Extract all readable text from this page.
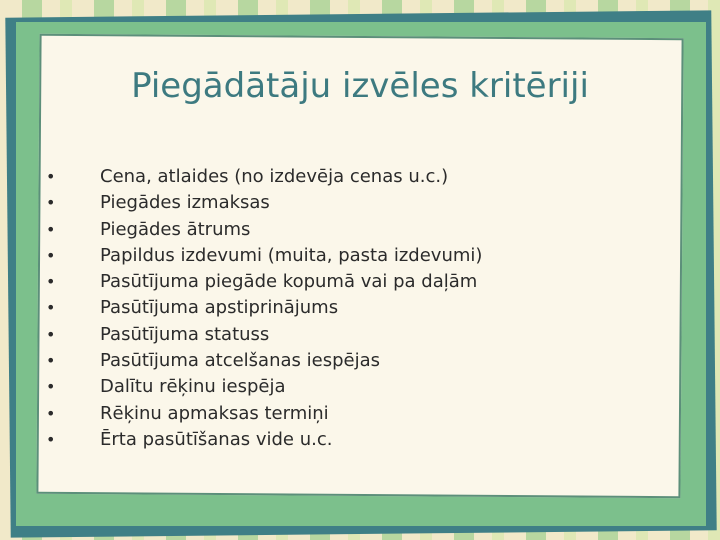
Piegādātāju izvēles kritēriji
• Cena, atlaides (no izdevēja cenas u.c.)
• Piegādes izmaksas
• Piegādes ātrums
• Papildus izdevumi (muita, pasta izdevumi)
• Pasūtījuma piegāde kopumā vai pa daļām
• Pasūtījuma apstiprinājums
• Pasūtījuma statuss
• Pasūtījuma atcelšanas iespējas
• Dalītu rēķinu iespēja
• Rēķinu apmaksas termiņi
• Ērta pasūtīšanas vide u.c.
